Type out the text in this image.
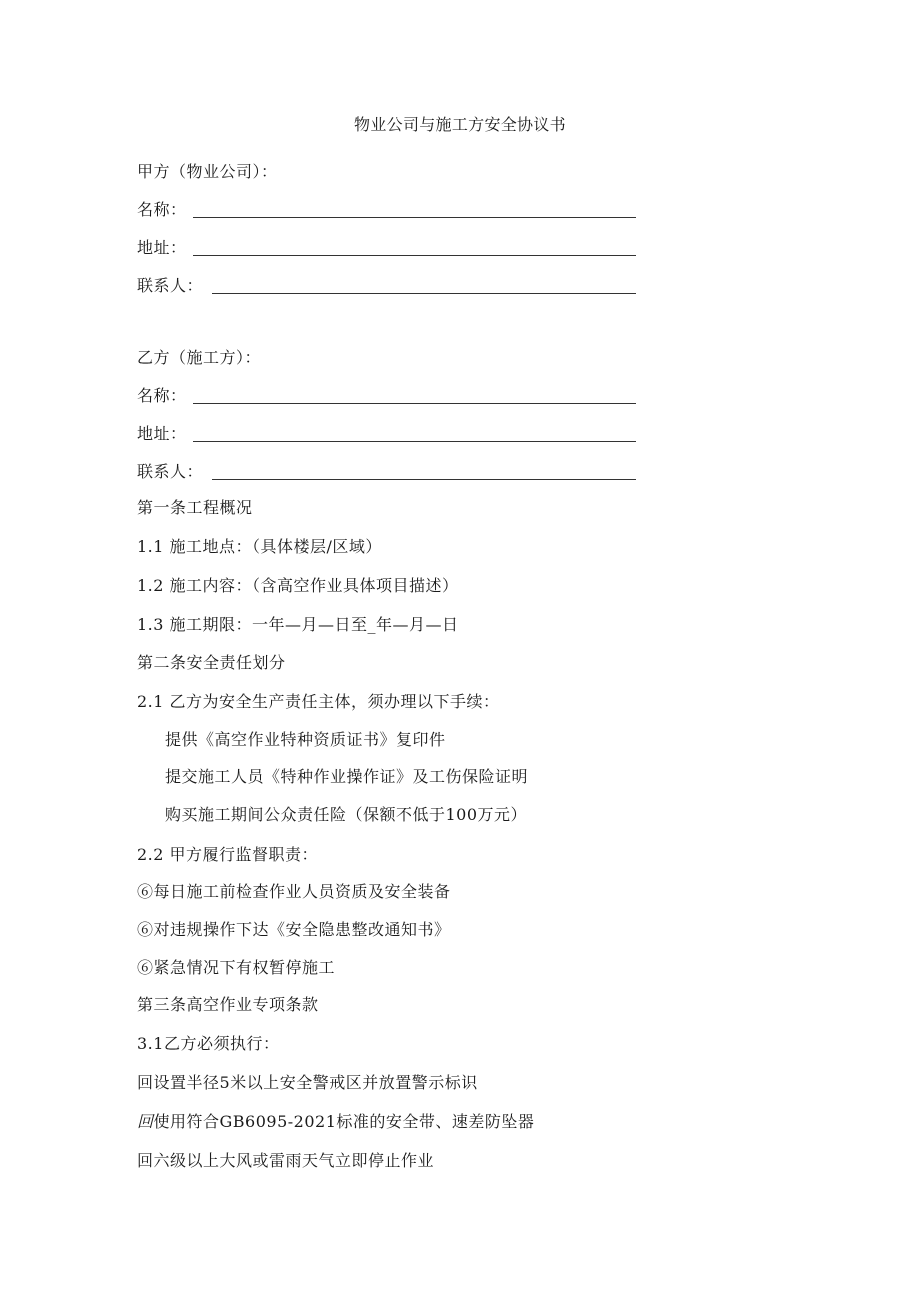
物业公司与施工方安全协议书
甲方（物业公司）：
名称：
地址：
联系人：
乙方（施工方）：
名称：
地址：
联系人：
第一条工程概况
1.1 施工地点：（具体楼层/区域）
1.2 施工内容：（含高空作业具体项目描述）
1.3 施工期限：一年—月—日至_年—月—日
第二条安全责任划分
2.1 乙方为安全生产责任主体，须办理以下手续：
提供《高空作业特种资质证书》复印件
提交施工人员《特种作业操作证》及工伤保险证明
购买施工期间公众责任险（保额不低于100万元）
2.2 甲方履行监督职责：
⑥每日施工前检查作业人员资质及安全装备
⑥对违规操作下达《安全隐患整改通知书》
⑥紧急情况下有权暂停施工
第三条高空作业专项条款
3.1乙方必须执行：
回设置半径5米以上安全警戒区并放置警示标识
回使用符合GB6095-2021标准的安全带、速差防坠器
回六级以上大风或雷雨天气立即停止作业
